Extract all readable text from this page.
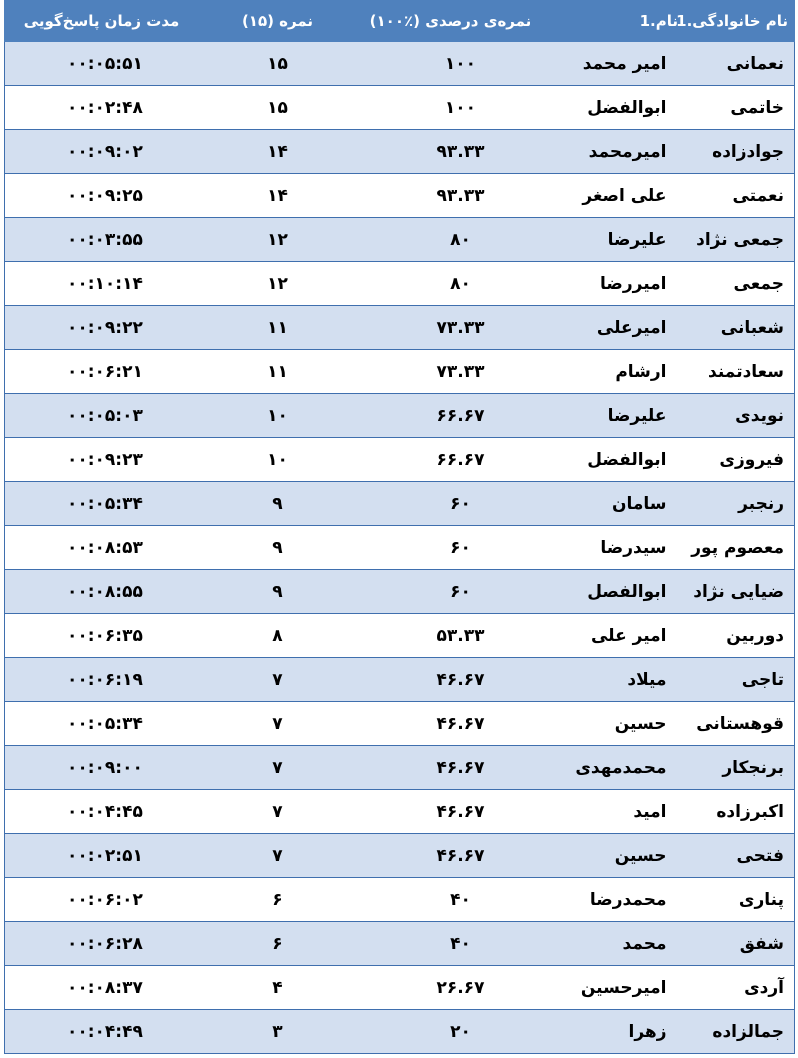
نام خانوادگی.1	نام.1	نمره‌ی درصدی (٪۱۰۰)	نمره (۱۵)	مدت زمان پاسخ‌گویی
نعمانی	امیر محمد	۱۰۰	۱۵	۰۰:۰۵:۵۱
خاتمی	ابوالفضل	۱۰۰	۱۵	۰۰:۰۲:۴۸
جوادزاده	امیرمحمد	۹۳.۳۳	۱۴	۰۰:۰۹:۰۲
نعمتی	علی اصغر	۹۳.۳۳	۱۴	۰۰:۰۹:۲۵
جمعی نژاد	علیرضا	۸۰	۱۲	۰۰:۰۳:۵۵
جمعی	امیررضا	۸۰	۱۲	۰۰:۱۰:۱۴
شعبانی	امیرعلی	۷۳.۳۳	۱۱	۰۰:۰۹:۲۲
سعادتمند	ارشام	۷۳.۳۳	۱۱	۰۰:۰۶:۲۱
نویدی	علیرضا	۶۶.۶۷	۱۰	۰۰:۰۵:۰۳
فیروزی	ابوالفضل	۶۶.۶۷	۱۰	۰۰:۰۹:۲۳
رنجبر	سامان	۶۰	۹	۰۰:۰۵:۳۴
معصوم پور	سیدرضا	۶۰	۹	۰۰:۰۸:۵۳
ضیایی نژاد	ابوالفصل	۶۰	۹	۰۰:۰۸:۵۵
دوربین	امیر علی	۵۳.۳۳	۸	۰۰:۰۶:۳۵
تاجی	میلاد	۴۶.۶۷	۷	۰۰:۰۶:۱۹
قوهستانی	حسین	۴۶.۶۷	۷	۰۰:۰۵:۳۴
برنجکار	محمدمهدی	۴۶.۶۷	۷	۰۰:۰۹:۰۰
اکبرزاده	امید	۴۶.۶۷	۷	۰۰:۰۴:۴۵
فتحی	حسین	۴۶.۶۷	۷	۰۰:۰۲:۵۱
پناری	محمدرضا	۴۰	۶	۰۰:۰۶:۰۲
شفق	محمد	۴۰	۶	۰۰:۰۶:۲۸
آردی	امیرحسین	۲۶.۶۷	۴	۰۰:۰۸:۳۷
جمالزاده	زهرا	۲۰	۳	۰۰:۰۴:۴۹
